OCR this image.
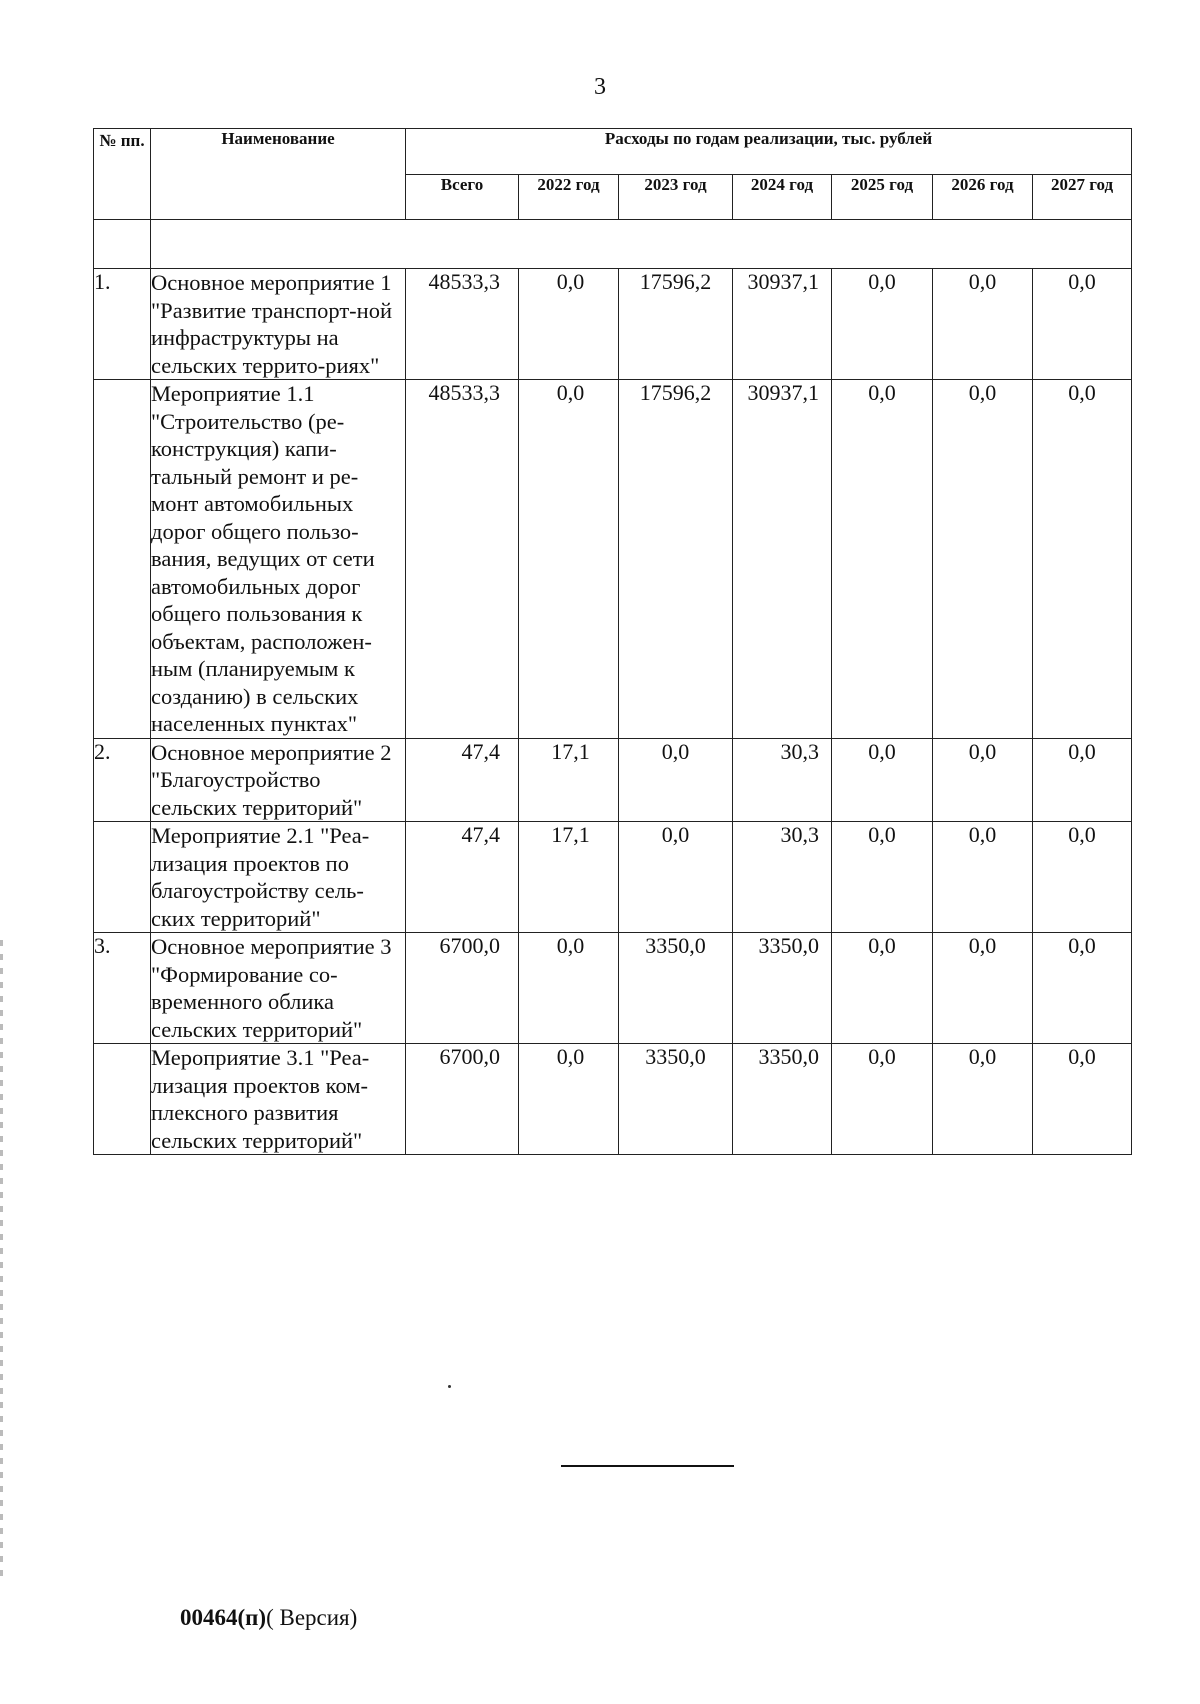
3
№ пп.	Наименование	Расходы по годам реализации, тыс. рублей						
		Всего	2022 год	2023 год	2024 год	2025 год	2026 год	2027 год

1.	Основное мероприятие 1 "Развитие транспорт-ной инфраструктуры на сельских террито-риях"	48533,3	0,0	17596,2	30937,1	0,0	0,0	0,0

	Мероприятие 1.1 "Строительство (ре-конструкция) капи-тальный ремонт и ре-монт автомобильных дорог общего пользо-вания, ведущих от сети автомобильных дорог общего пользования к объектам, расположен-ным (планируемым к созданию) в сельских населенных пунктах"	48533,3	0,0	17596,2	30937,1	0,0	0,0	0,0

2.	Основное мероприятие 2 "Благоустройство сельских территорий"	47,4	17,1	0,0	30,3	0,0	0,0	0,0

	Мероприятие 2.1 "Реа-лизация проектов по благоустройству сель-ских территорий"	47,4	17,1	0,0	30,3	0,0	0,0	0,0

3.	Основное мероприятие 3 "Формирование со-временного облика сельских территорий"	6700,0	0,0	3350,0	3350,0	0,0	0,0	0,0

	Мероприятие 3.1 "Реа-лизация проектов ком-плексного развития сельских территорий"	6700,0	0,0	3350,0	3350,0	0,0	0,0	0,0
00464(п)( Версия)
